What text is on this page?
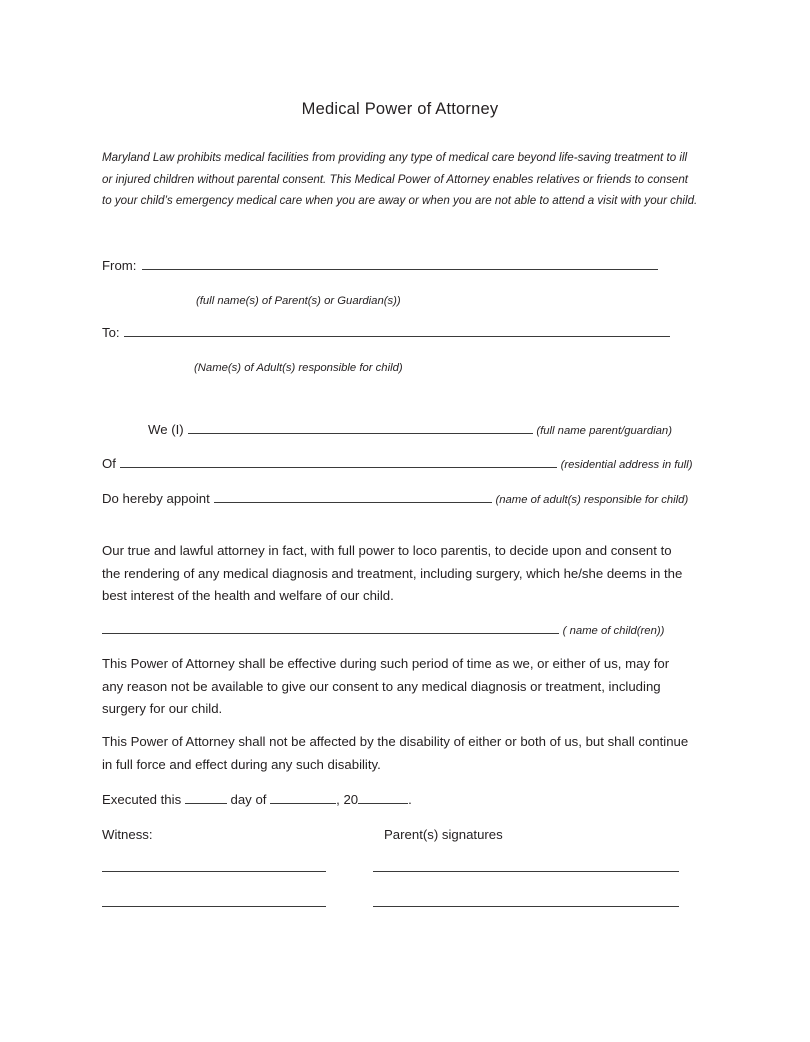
Medical Power of Attorney

Maryland Law prohibits medical facilities from providing any type of medical care beyond life-saving treatment to ill or injured children without parental consent. This Medical Power of Attorney enables relatives or friends to consent to your child’s emergency medical care when you are away or when you are not able to attend a visit with your child.

From:
(full name(s) of Parent(s) or Guardian(s))
To:
(Name(s) of Adult(s) responsible for child)
We (I)	(full name parent/guardian)
Of	(residential address in full)
Do hereby appoint	(name of adult(s) responsible for child)

Our true and lawful attorney in fact, with full power to loco parentis, to decide upon and consent to the rendering of any medical diagnosis and treatment, including surgery, which he/she deems in the best interest of the health and welfare of our child.

( name of child(ren))

This Power of Attorney shall be effective during such period of time as we, or either of us, may for any reason not be available to give our consent to any medical diagnosis or treatment, including surgery for our child.

This Power of Attorney shall not be affected by the disability of either or both of us, but shall continue in full force and effect during any such disability.

Executed this	day of	, 20	.
Witness:	Parent(s) signatures
